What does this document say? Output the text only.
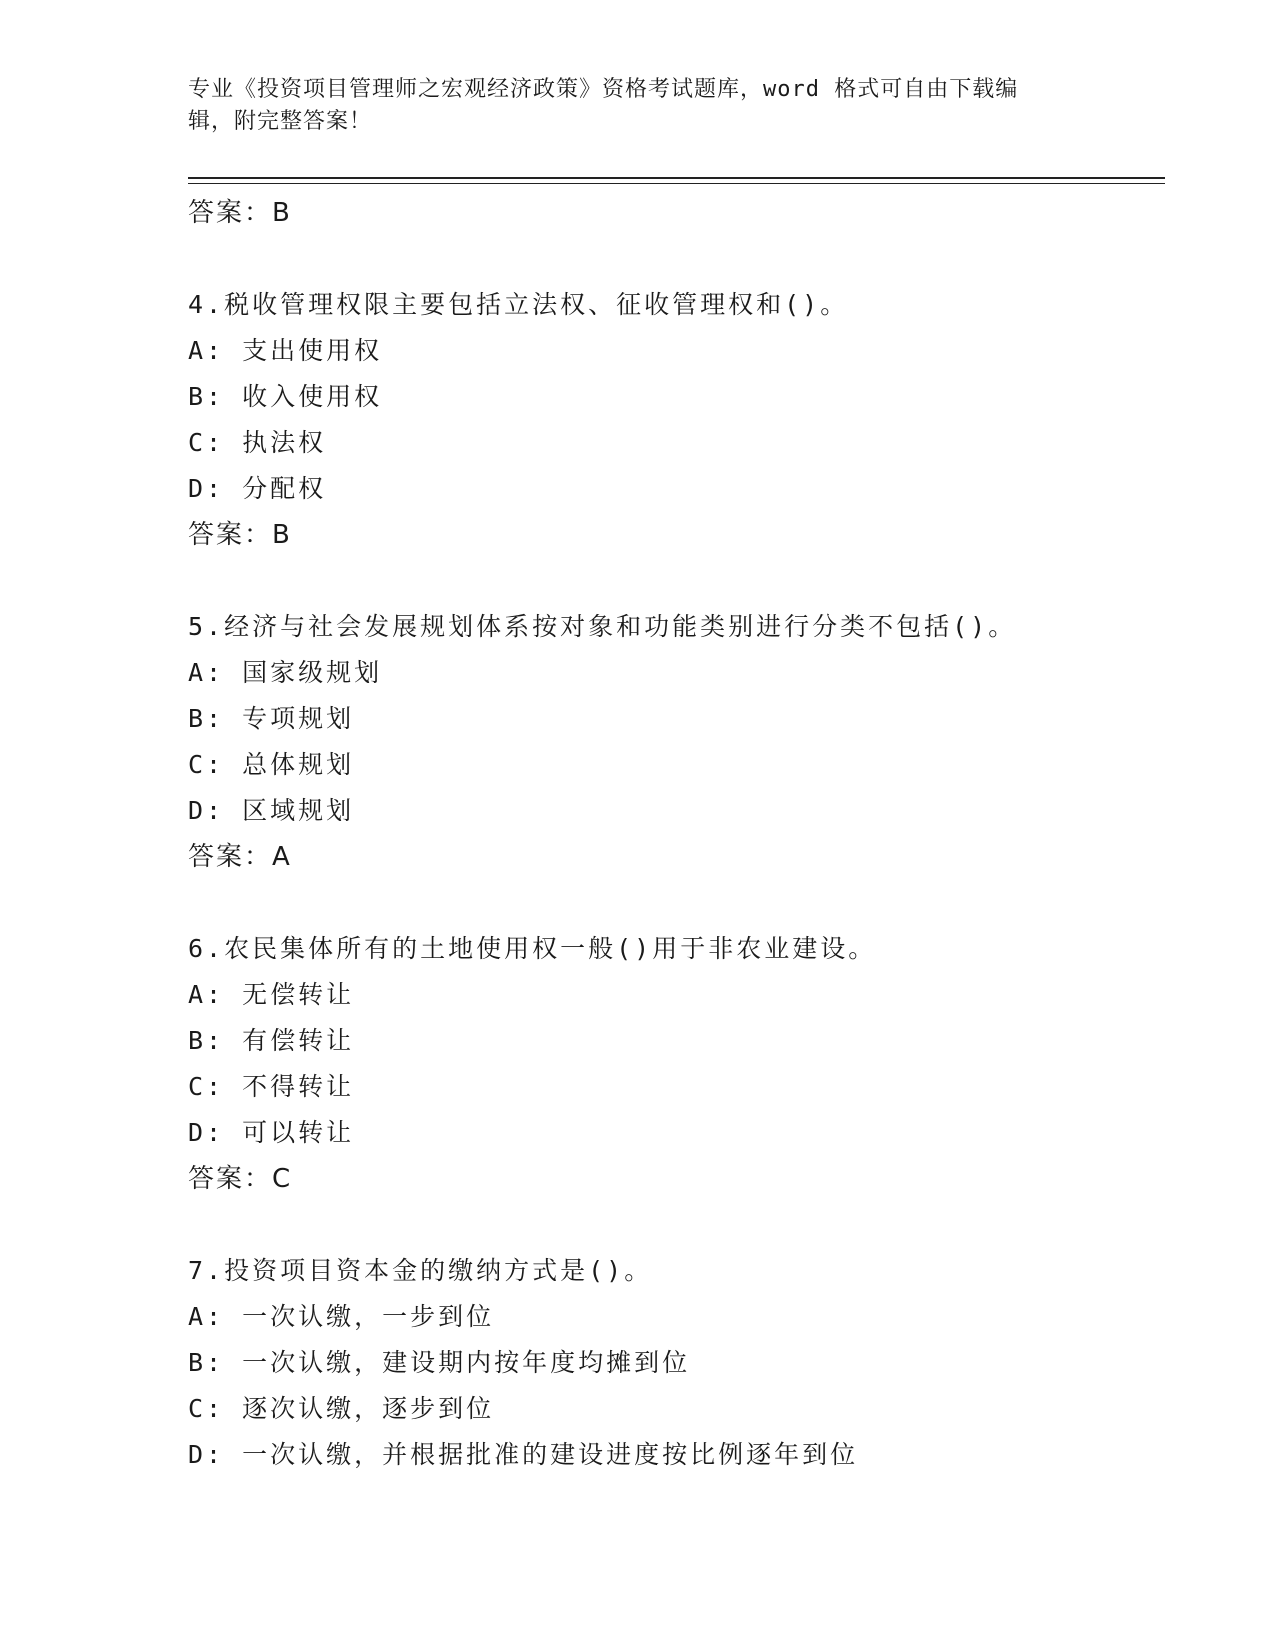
专业《投资项目管理师之宏观经济政策》资格考试题库，word 格式可自由下载编
辑，附完整答案！
答案：B
4.税收管理权限主要包括立法权、征收管理权和()。
A: 支出使用权
B: 收入使用权
C: 执法权
D: 分配权
答案：B
5.经济与社会发展规划体系按对象和功能类别进行分类不包括()。
A: 国家级规划
B: 专项规划
C: 总体规划
D: 区域规划
答案：A
6.农民集体所有的土地使用权一般()用于非农业建设。
A: 无偿转让
B: 有偿转让
C: 不得转让
D: 可以转让
答案：C
7.投资项目资本金的缴纳方式是()。
A: 一次认缴，一步到位
B: 一次认缴，建设期内按年度均摊到位
C: 逐次认缴，逐步到位
D: 一次认缴，并根据批准的建设进度按比例逐年到位
